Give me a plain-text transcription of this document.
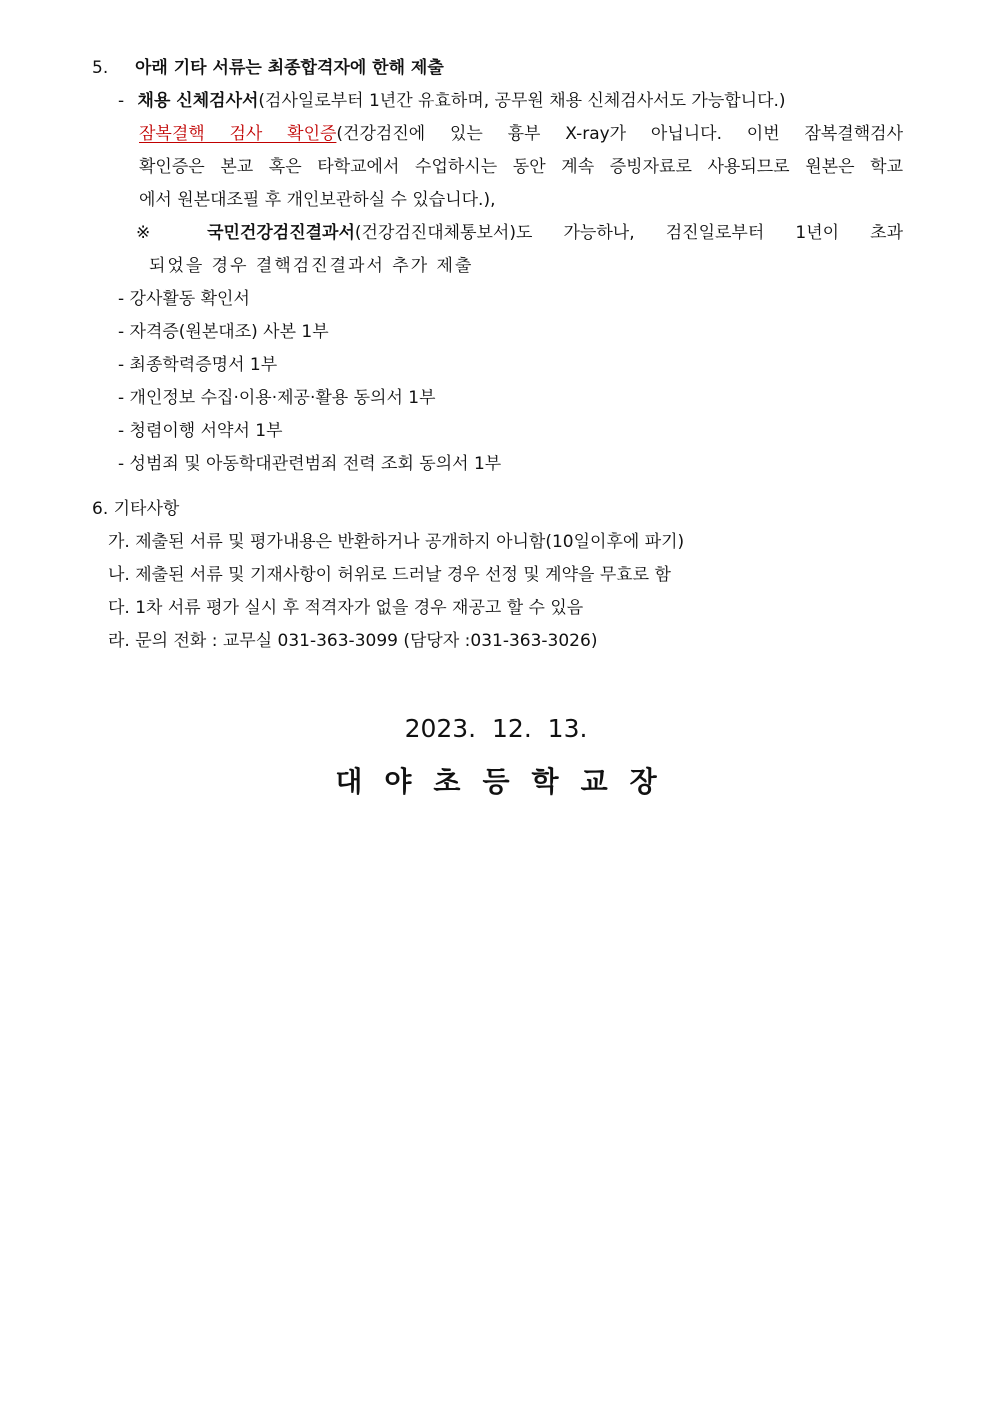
5. 아래 기타 서류는 최종합격자에 한해 제출
- 채용 신체검사서(검사일로부터 1년간 유효하며, 공무원 채용 신체검사서도 가능합니다.)
잠복결핵 검사 확인증(건강검진에 있는 흉부 X-ray가 아닙니다. 이번 잠복결핵검사
확인증은 본교 혹은 타학교에서 수업하시는 동안 계속 증빙자료로 사용되므로 원본은 학교
에서 원본대조필 후 개인보관하실 수 있습니다.),
※ 국민건강검진결과서(건강검진대체통보서)도 가능하나, 검진일로부터 1년이 초과
되었을 경우 결핵검진결과서 추가 제출
- 강사활동 확인서
- 자격증(원본대조) 사본 1부
- 최종학력증명서 1부
- 개인정보 수집·이용·제공·활용 동의서 1부
- 청렴이행 서약서 1부
- 성범죄 및 아동학대관련범죄 전력 조회 동의서 1부
6. 기타사항
가. 제출된 서류 및 평가내용은 반환하거나 공개하지 아니함(10일이후에 파기)
나. 제출된 서류 및 기재사항이 허위로 드러날 경우 선정 및 계약을 무효로 함
다. 1차 서류 평가 실시 후 적격자가 없을 경우 재공고 할 수 있음
라. 문의 전화 : 교무실 031-363-3099 (담당자 :031-363-3026)
2023.  12.  13.
대야초등학교장
